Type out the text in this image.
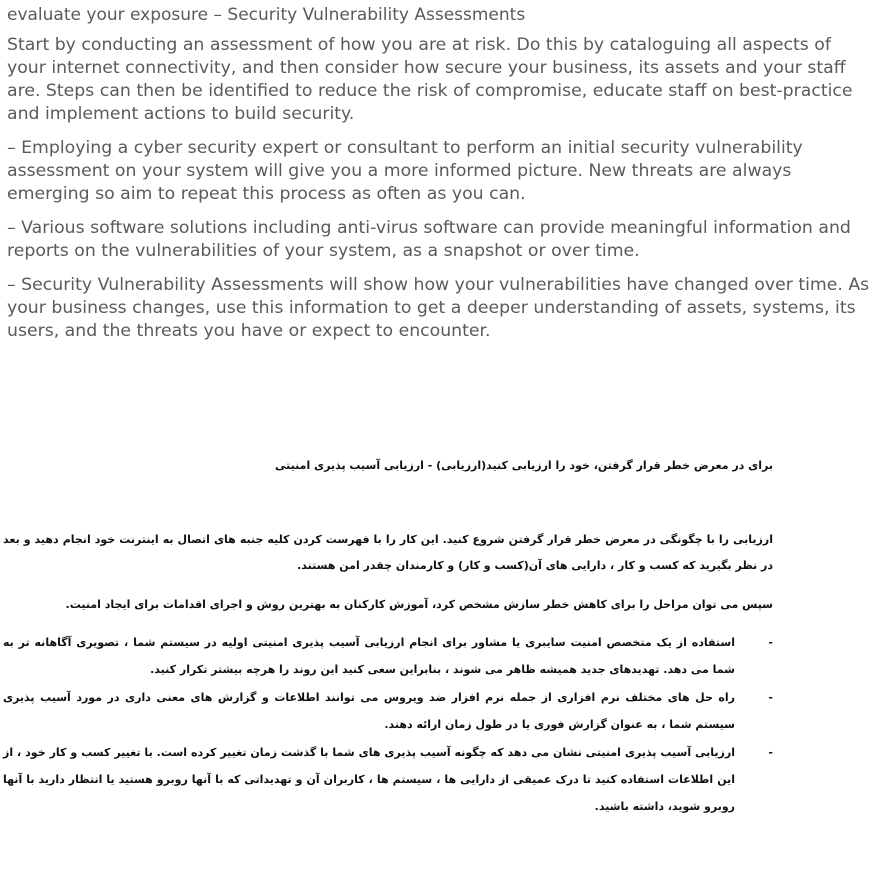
evaluate your exposure – Security Vulnerability Assessments

Start by conducting an assessment of how you are at risk. Do this by cataloguing all aspects of your internet connectivity, and then consider how secure your business, its assets and your staff are. Steps can then be identified to reduce the risk of compromise, educate staff on best-practice and implement actions to build security.

– Employing a cyber security expert or consultant to perform an initial security vulnerability assessment on your system will give you a more informed picture. New threats are always emerging so aim to repeat this process as often as you can.

– Various software solutions including anti-virus software can provide meaningful information and reports on the vulnerabilities of your system, as a snapshot or over time.

– Security Vulnerability Assessments will show how your vulnerabilities have changed over time. As your business changes, use this information to get a deeper understanding of assets, systems, its users, and the threats you have or expect to encounter.

برای در معرض خطر قرار گرفتن، خود را ارزیابی کنید(ارزیابی) - ارزیابی آسیب پذیری امنیتی
ارزیابی را با چگونگی در معرض خطر قرار گرفتن شروع کنید. این کار را با فهرست کردن کلیه جنبه های اتصال به اینترنت خود انجام دهید و بعد در نظر بگیرید که کسب و کار ، دارایی های آن(کسب و کار) و کارمندان چقدر امن هستند.
سپس می توان مراحل را برای کاهش خطر سازش مشخص کرد، آموزش کارکنان به بهترین روش و اجرای اقدامات برای ایجاد امنیت.
-
استفاده از یک متخصص امنیت سایبری یا مشاور برای انجام ارزیابی آسیب پذیری امنیتی اولیه در سیستم شما ، تصویری آگاهانه تر به شما می دهد. تهدیدهای جدید همیشه ظاهر می شوند ، بنابراین سعی کنید این روند را هرچه بیشتر تکرار کنید.
-
راه حل های مختلف نرم افزاری از جمله نرم افزار ضد ویروس می توانند اطلاعات و گزارش های معنی داری در مورد آسیب پذیری سیستم شما ، به عنوان گزارش فوری یا در طول زمان ارائه دهند.
-
ارزیابی آسیب پذیری امنیتی نشان می دهد که چگونه آسیب پذیری های شما با گذشت زمان تغییر کرده است. با تغییر کسب و کار خود ، از این اطلاعات استفاده کنید تا درک عمیقی از دارایی ها ، سیستم ها ، کاربران آن و تهدیداتی که با آنها روبرو هستید یا انتظار دارید با آنها روبرو شوید، داشته باشید.
